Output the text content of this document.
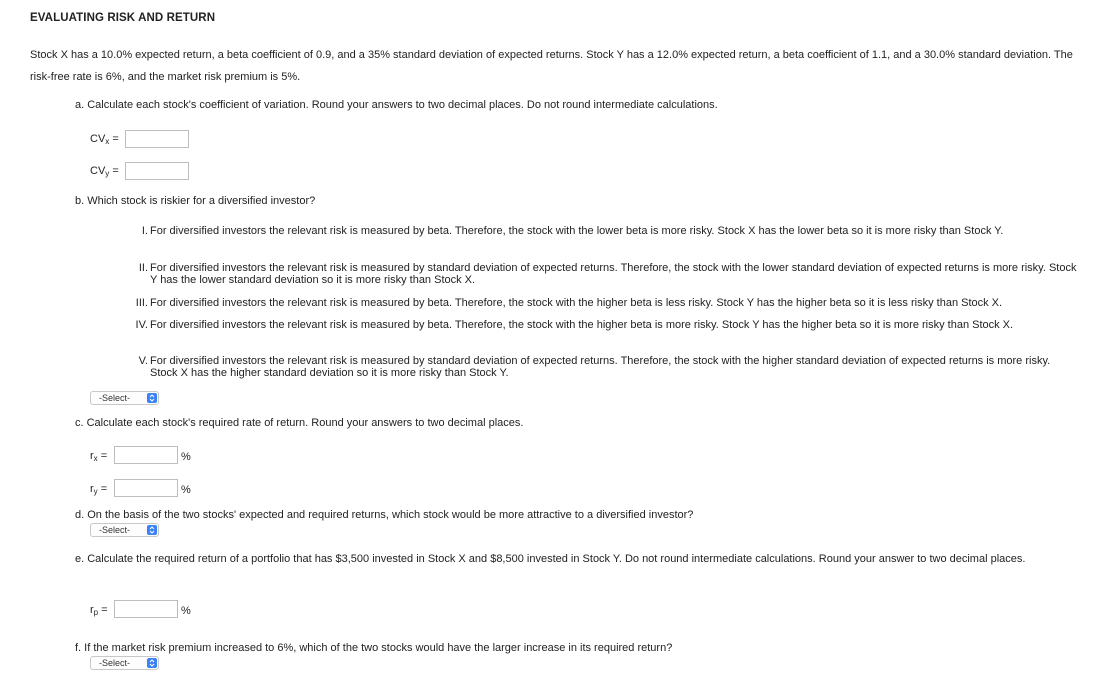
EVALUATING RISK AND RETURN
Stock X has a 10.0% expected return, a beta coefficient of 0.9, and a 35% standard deviation of expected returns. Stock Y has a 12.0% expected return, a beta coefficient of 1.1, and a 30.0% standard deviation. The risk-free rate is 6%, and the market risk premium is 5%.
a. Calculate each stock's coefficient of variation. Round your answers to two decimal places. Do not round intermediate calculations.
$CV_x$ =
$CV_y$ =
b. Which stock is riskier for a diversified investor?
I. For diversified investors the relevant risk is measured by beta. Therefore, the stock with the lower beta is more risky. Stock X has the lower beta so it is more risky than Stock Y.
II. For diversified investors the relevant risk is measured by standard deviation of expected returns. Therefore, the stock with the lower standard deviation of expected returns is more risky. Stock Y has the lower standard deviation so it is more risky than Stock X.
III. For diversified investors the relevant risk is measured by beta. Therefore, the stock with the higher beta is less risky. Stock Y has the higher beta so it is less risky than Stock X.
IV. For diversified investors the relevant risk is measured by beta. Therefore, the stock with the higher beta is more risky. Stock Y has the higher beta so it is more risky than Stock X.
V. For diversified investors the relevant risk is measured by standard deviation of expected returns. Therefore, the stock with the higher standard deviation of expected returns is more risky. Stock X has the higher standard deviation so it is more risky than Stock Y.
-Select-
c. Calculate each stock's required rate of return. Round your answers to two decimal places.
$r_x$ =	%
$r_y$ =	%
d. On the basis of the two stocks' expected and required returns, which stock would be more attractive to a diversified investor?
-Select-
e. Calculate the required return of a portfolio that has $3,500 invested in Stock X and $8,500 invested in Stock Y. Do not round intermediate calculations. Round your answer to two decimal places.
$r_p$ =	%
f. If the market risk premium increased to 6%, which of the two stocks would have the larger increase in its required return?
-Select-
